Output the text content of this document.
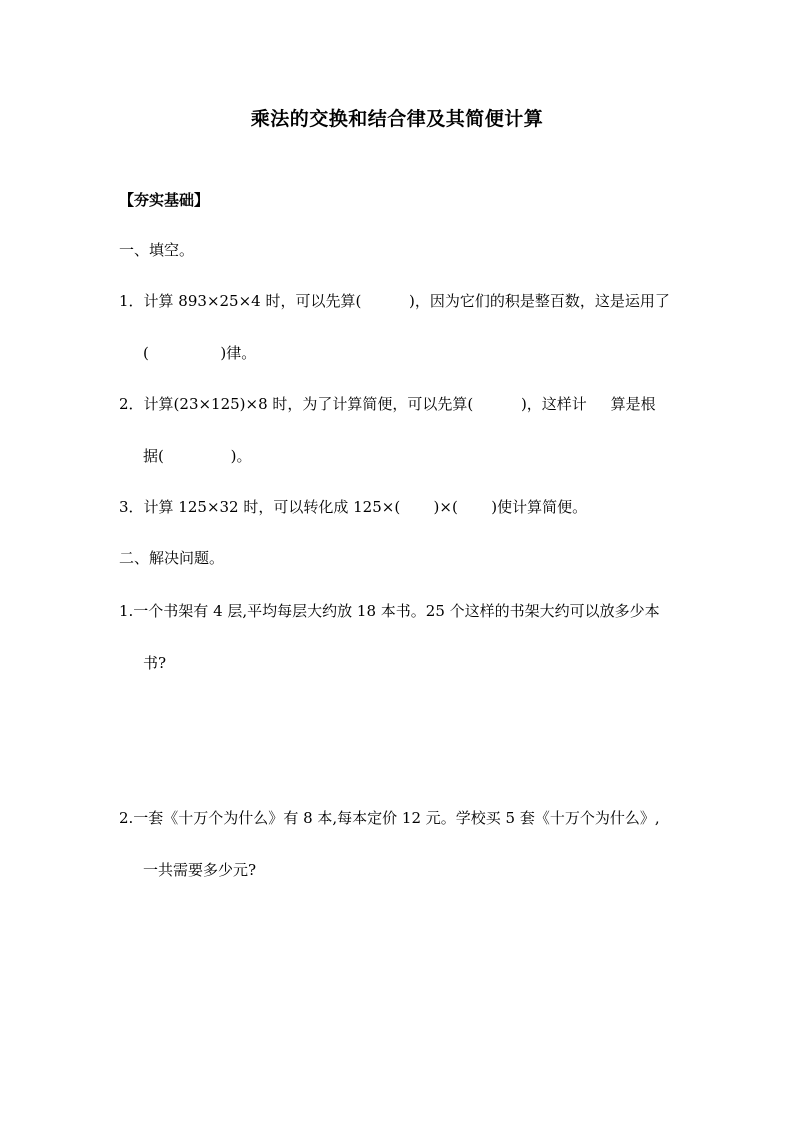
乘法的交换和结合律及其简便计算
【夯实基础】
一、填空。
1．计算 893×25×4 时，可以先算(          )，因为它们的积是整百数，这是运用了
(               )律。
2．计算(23×125)×8 时，为了计算简便，可以先算(          )，这样计     算是根
据(              )。
3．计算 125×32 时，可以转化成 125×(       )×(       )使计算简便。
二、解决问题。
1.一个书架有 4 层,平均每层大约放 18 本书。25 个这样的书架大约可以放多少本
书?
2.一套《十万个为什么》有 8 本,每本定价 12 元。学校买 5 套《十万个为什么》,
一共需要多少元?
